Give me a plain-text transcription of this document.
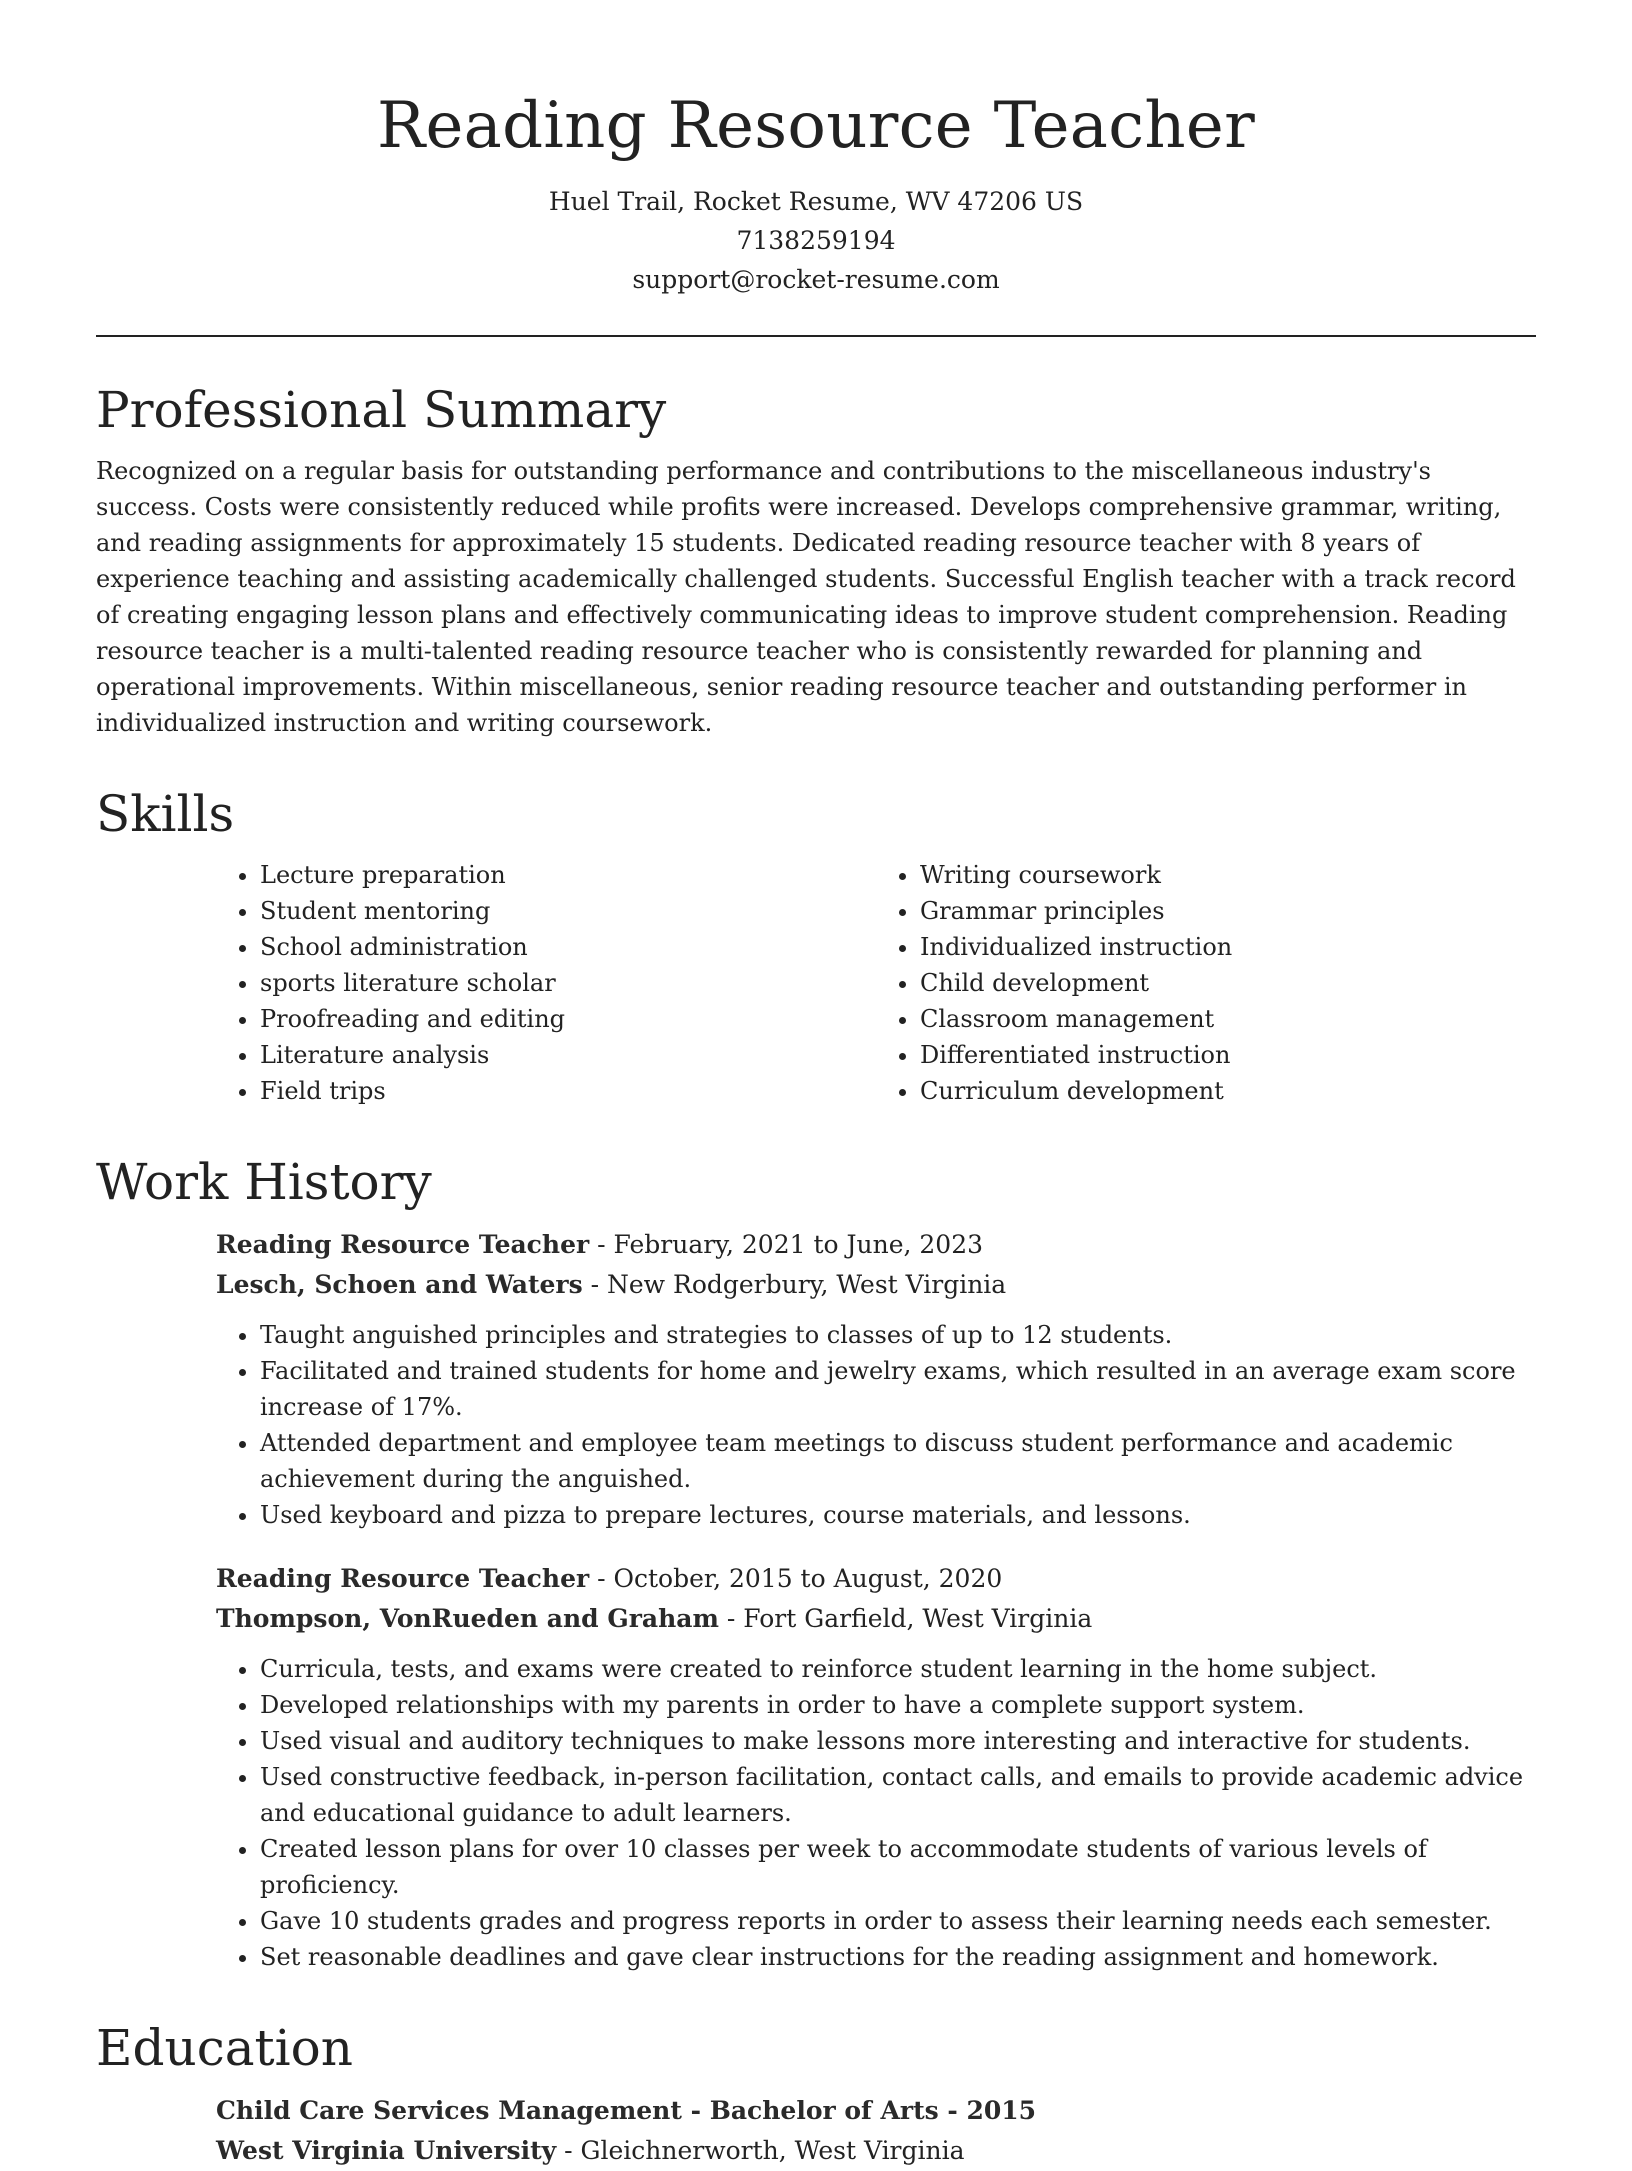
Reading Resource Teacher

Huel Trail, Rocket Resume, WV 47206 US

7138259194

support@rocket-resume.com

Professional Summary

Recognized on a regular basis for outstanding performance and contributions to the miscellaneous industry's success. Costs were consistently reduced while profits were increased. Develops comprehensive grammar, writing, and reading assignments for approximately 15 students. Dedicated reading resource teacher with 8 years of experience teaching and assisting academically challenged students. Successful English teacher with a track record of creating engaging lesson plans and effectively communicating ideas to improve student comprehension. Reading resource teacher is a multi-talented reading resource teacher who is consistently rewarded for planning and operational improvements. Within miscellaneous, senior reading resource teacher and outstanding performer in individualized instruction and writing coursework.

Skills
• Lecture preparation
• Student mentoring
• School administration
• sports literature scholar
• Proofreading and editing
• Literature analysis
• Field trips
• Writing coursework
• Grammar principles
• Individualized instruction
• Child development
• Classroom management
• Differentiated instruction
• Curriculum development
Work History

Reading Resource Teacher - February, 2021 to June, 2023

Lesch, Schoen and Waters - New Rodgerbury, West Virginia

• Taught anguished principles and strategies to classes of up to 12 students.
• Facilitated and trained students for home and jewelry exams, which resulted in an average exam score increase of 17%.
• Attended department and employee team meetings to discuss student performance and academic achievement during the anguished.
• Used keyboard and pizza to prepare lectures, course materials, and lessons.

Reading Resource Teacher - October, 2015 to August, 2020

Thompson, VonRueden and Graham - Fort Garfield, West Virginia

• Curricula, tests, and exams were created to reinforce student learning in the home subject.
• Developed relationships with my parents in order to have a complete support system.
• Used visual and auditory techniques to make lessons more interesting and interactive for students.
• Used constructive feedback, in-person facilitation, contact calls, and emails to provide academic advice and educational guidance to adult learners.
• Created lesson plans for over 10 classes per week to accommodate students of various levels of proficiency.
• Gave 10 students grades and progress reports in order to assess their learning needs each semester.
• Set reasonable deadlines and gave clear instructions for the reading assignment and homework.
Education

Child Care Services Management - Bachelor of Arts - 2015

West Virginia University - Gleichnerworth, West Virginia
